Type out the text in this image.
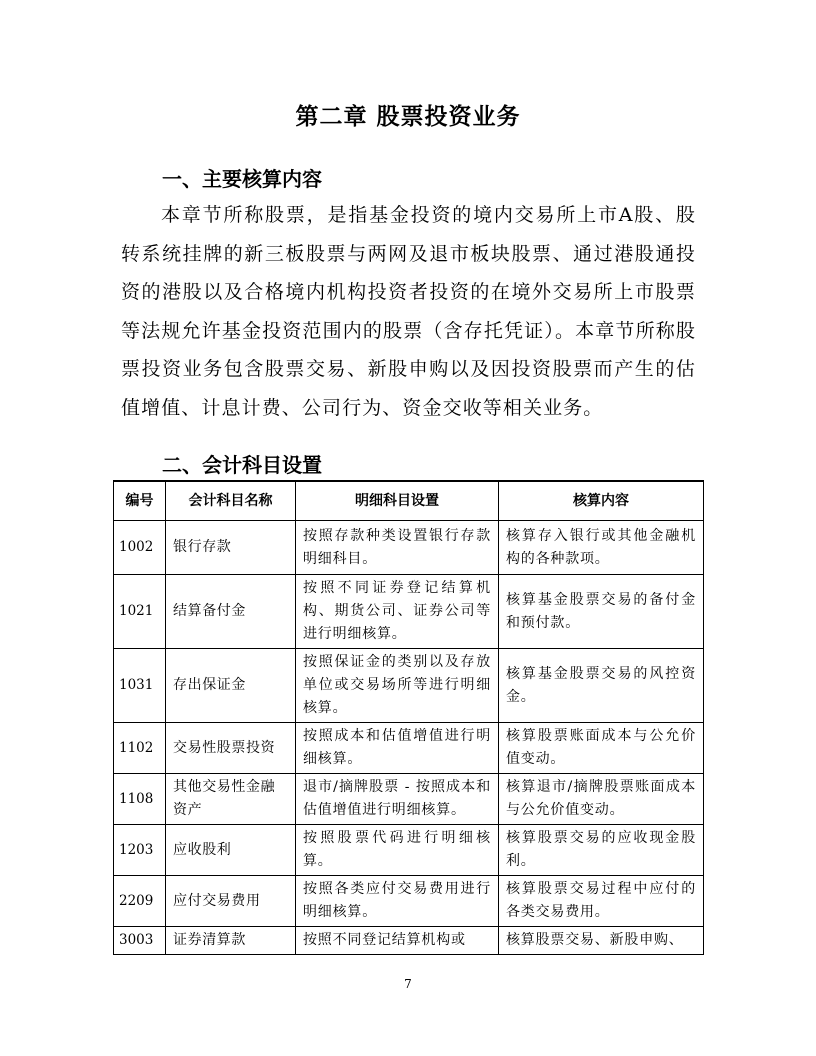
第二章 股票投资业务
一、主要核算内容

本章节所称股票，是指基金投资的境内交易所上市A股、股转系统挂牌的新三板股票与两网及退市板块股票、通过港股通投资的港股以及合格境内机构投资者投资的在境外交易所上市股票等法规允许基金投资范围内的股票（含存托凭证）。本章节所称股票投资业务包含股票交易、新股申购以及因投资股票而产生的估值增值、计息计费、公司行为、资金交收等相关业务。

二、会计科目设置
编号	会计科目名称	明细科目设置	核算内容
1002	银行存款	按照存款种类设置银行存款明细科目。	核算存入银行或其他金融机构的各种款项。
1021	结算备付金	按照不同证券登记结算机构、期货公司、证券公司等进行明细核算。	核算基金股票交易的备付金和预付款。
1031	存出保证金	按照保证金的类别以及存放单位或交易场所等进行明细核算。	核算基金股票交易的风控资金。
1102	交易性股票投资	按照成本和估值增值进行明细核算。	核算股票账面成本与公允价值变动。
1108	其他交易性金融资产	退市/摘牌股票 - 按照成本和估值增值进行明细核算。	核算退市/摘牌股票账面成本与公允价值变动。
1203	应收股利	按照股票代码进行明细核算。	核算股票交易的应收现金股利。
2209	应付交易费用	按照各类应付交易费用进行明细核算。	核算股票交易过程中应付的各类交易费用。
3003	证券清算款	按照不同登记结算机构或	核算股票交易、新股申购、
7
